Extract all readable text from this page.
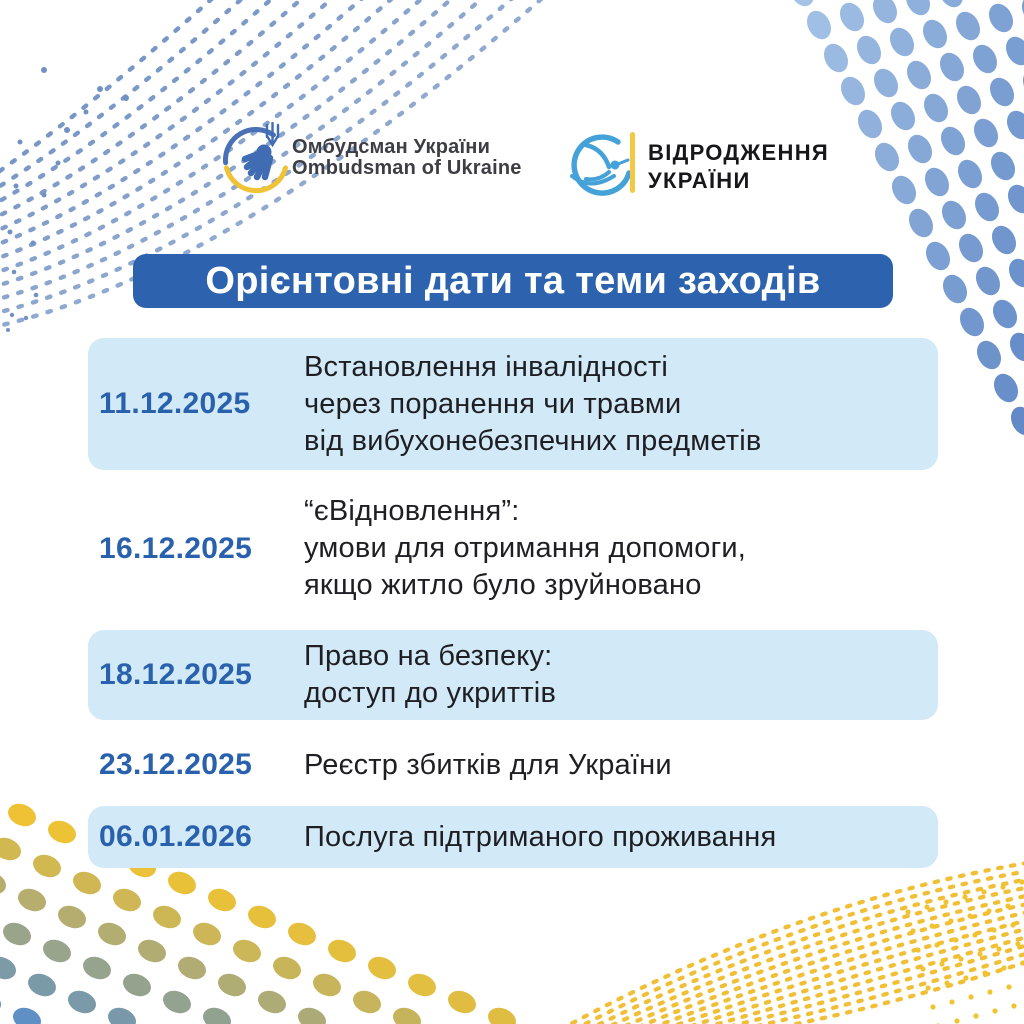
Омбудсман України
Ombudsman of Ukraine
ВІДРОДЖЕННЯ
УКРАЇНИ
Орієнтовні дати та теми заходів
11.12.2025
Встановлення інвалідності
через поранення чи травми
від вибухонебезпечних предметів
16.12.2025
“єВідновлення”:
умови для отримання допомоги,
якщо житло було зруйновано
18.12.2025
Право на безпеку:
доступ до укриттів
23.12.2025	Реєстр збитків для України
06.01.2026	Послуга підтриманого проживання
